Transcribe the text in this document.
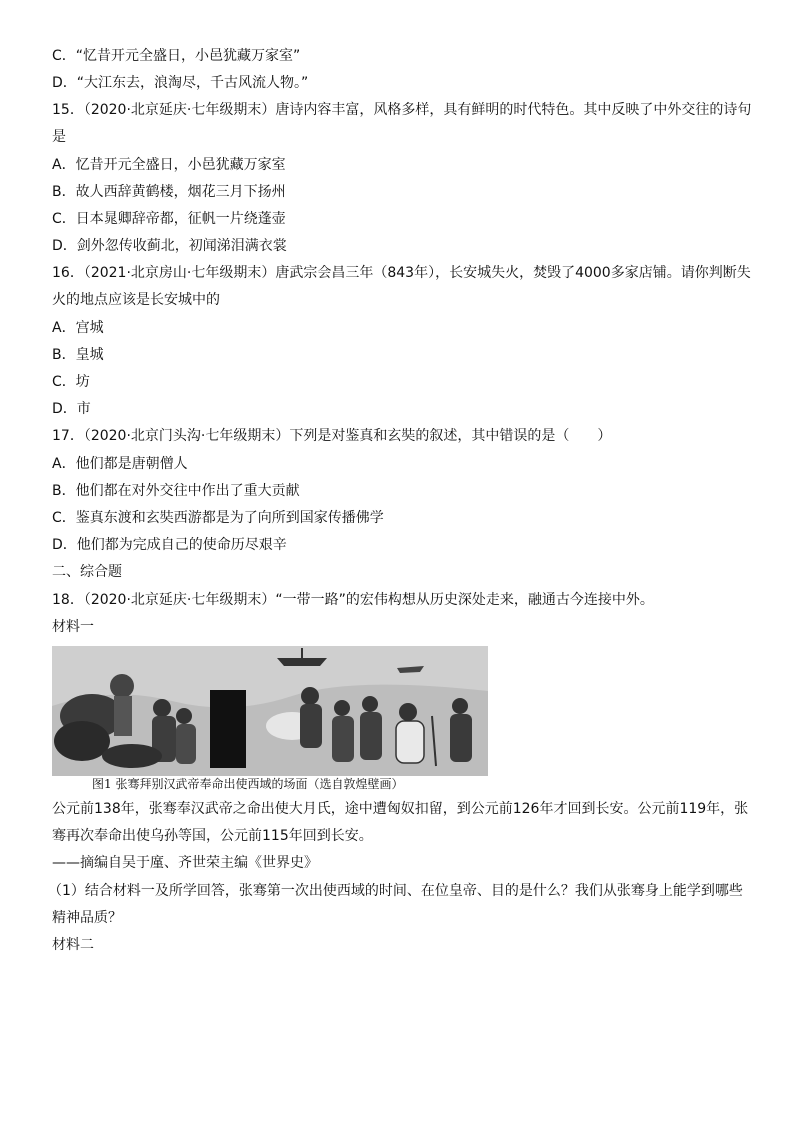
C．“忆昔开元全盛日，小邑犹藏万家室”
D．“大江东去，浪淘尽，千古风流人物。”
15．（2020·北京延庆·七年级期末）唐诗内容丰富，风格多样，具有鲜明的时代特色。其中反映了中外交往的诗句
是
A．忆昔开元全盛日，小邑犹藏万家室
B．故人西辞黄鹤楼，烟花三月下扬州
C．日本晁卿辞帝都，征帆一片绕蓬壶
D．剑外忽传收蓟北，初闻涕泪满衣裳
16．（2021·北京房山·七年级期末）唐武宗会昌三年（843年），长安城失火，焚毁了4000多家店铺。请你判断失
火的地点应该是长安城中的
A．宫城
B．皇城
C．坊
D．市
17．（2020·北京门头沟·七年级期末）下列是对鉴真和玄奘的叙述，其中错误的是（　　）
A．他们都是唐朝僧人
B．他们都在对外交往中作出了重大贡献
C．鉴真东渡和玄奘西游都是为了向所到国家传播佛学
D．他们都为完成自己的使命历尽艰辛
二、综合题
18．（2020·北京延庆·七年级期末）“一带一路”的宏伟构想从历史深处走来，融通古今连接中外。
材料一
图1 张骞拜别汉武帝奉命出使西域的场面（选自敦煌壁画）
公元前138年，张骞奉汉武帝之命出使大月氏，途中遭匈奴扣留，到公元前126年才回到长安。公元前119年，张
骞再次奉命出使乌孙等国，公元前115年回到长安。
——摘编自吴于廑、齐世荣主编《世界史》
（1）结合材料一及所学回答，张骞第一次出使西域的时间、在位皇帝、目的是什么？我们从张骞身上能学到哪些
精神品质？
材料二
